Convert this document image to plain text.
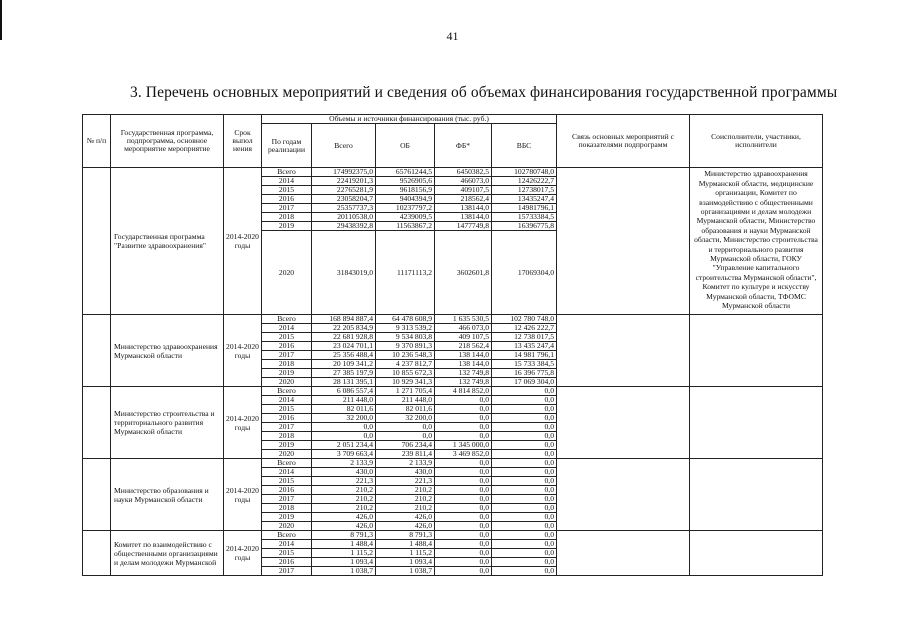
41
3. Перечень основных мероприятий и сведения об объемах финансирования государственной программы
№ п/п	Государственная программа, подпрограмма, основное мероприятие мероприятие	Срок выпол нения	Объемы и источники финансирования (тыс. руб.)					Связь основных мероприятий с показателями подпрограмм	Соисполнители, участники, исполнители
			По годам реализации	Всего	ОБ	ФБ*	ВБС		
	Государственная программа "Развитие здравоохранения"	2014-2020 годы	Всего	174992375,0	65761244,5	6450382,5	102780748,0		Министерство здравоохранения Мурманской области, медицинские организации, Комитет по взаимодействию с общественными организациями и делам молодежи Мурманской области, Министерство образования и науки Мурманской области, Министерство строительства и территориального развития Мурманской области, ГОКУ "Управление капитального строительства Мурманской области", Комитет по культуре и искусству Мурманской области, ТФОМС Мурманской области
			2014	22419201,3	9526905,6	466073,0	12426222,7		
			2015	22765281,9	9618156,9	409107,5	12738017,5		
			2016	23058204,7	9404394,9	218562,4	13435247,4		
			2017	25357737,3	10237797,2	138144,0	14981796,1		
			2018	20110538,0	4239009,5	138144,0	15733384,5		
			2019	29438392,8	11563867,2	1477749,8	16396775,8		
			2020	31843019,0	11171113,2	3602601,8	17069304,0		
	Министерство здравоохранения Мурманской области	2014-2020 годы	Всего	168 894 887,4	64 478 608,9	1 635 530,5	102 780 748,0		
			2014	22 205 834,9	9 313 539,2	466 073,0	12 426 222,7		
			2015	22 681 928,8	9 534 803,8	409 107,5	12 738 017,5		
			2016	23 024 701,1	9 370 891,3	218 562,4	13 435 247,4		
			2017	25 356 488,4	10 236 548,3	138 144,0	14 981 796,1		
			2018	20 109 341,2	4 237 812,7	138 144,0	15 733 384,5		
			2019	27 385 197,9	10 855 672,3	132 749,8	16 396 775,8		
			2020	28 131 395,1	10 929 341,3	132 749,8	17 069 304,0		
	Министерство строительства и территориального развития Мурманской области	2014-2020 годы	Всего	6 086 557,4	1 271 705,4	4 814 852,0	0,0		
			2014	211 448,0	211 448,0	0,0	0,0		
			2015	82 011,6	82 011,6	0,0	0,0		
			2016	32 200,0	32 200,0	0,0	0,0		
			2017	0,0	0,0	0,0	0,0		
			2018	0,0	0,0	0,0	0,0		
			2019	2 051 234,4	706 234,4	1 345 000,0	0,0		
			2020	3 709 663,4	239 811,4	3 469 852,0	0,0		
	Министерство образования и науки Мурманской области	2014-2020 годы	Всего	2 133,9	2 133,9	0,0	0,0		
			2014	430,0	430,0	0,0	0,0		
			2015	221,3	221,3	0,0	0,0		
			2016	210,2	210,2	0,0	0,0		
			2017	210,2	210,2	0,0	0,0		
			2018	210,2	210,2	0,0	0,0		
			2019	426,0	426,0	0,0	0,0		
			2020	426,0	426,0	0,0	0,0		
	Комитет по взаимодействию с общественными организациями и делам молодежи Мурманской	2014-2020 годы	Всего	8 791,3	8 791,3	0,0	0,0		
			2014	1 488,4	1 488,4	0,0	0,0		
			2015	1 115,2	1 115,2	0,0	0,0		
			2016	1 093,4	1 093,4	0,0	0,0		
			2017	1 038,7	1 038,7	0,0	0,0		
